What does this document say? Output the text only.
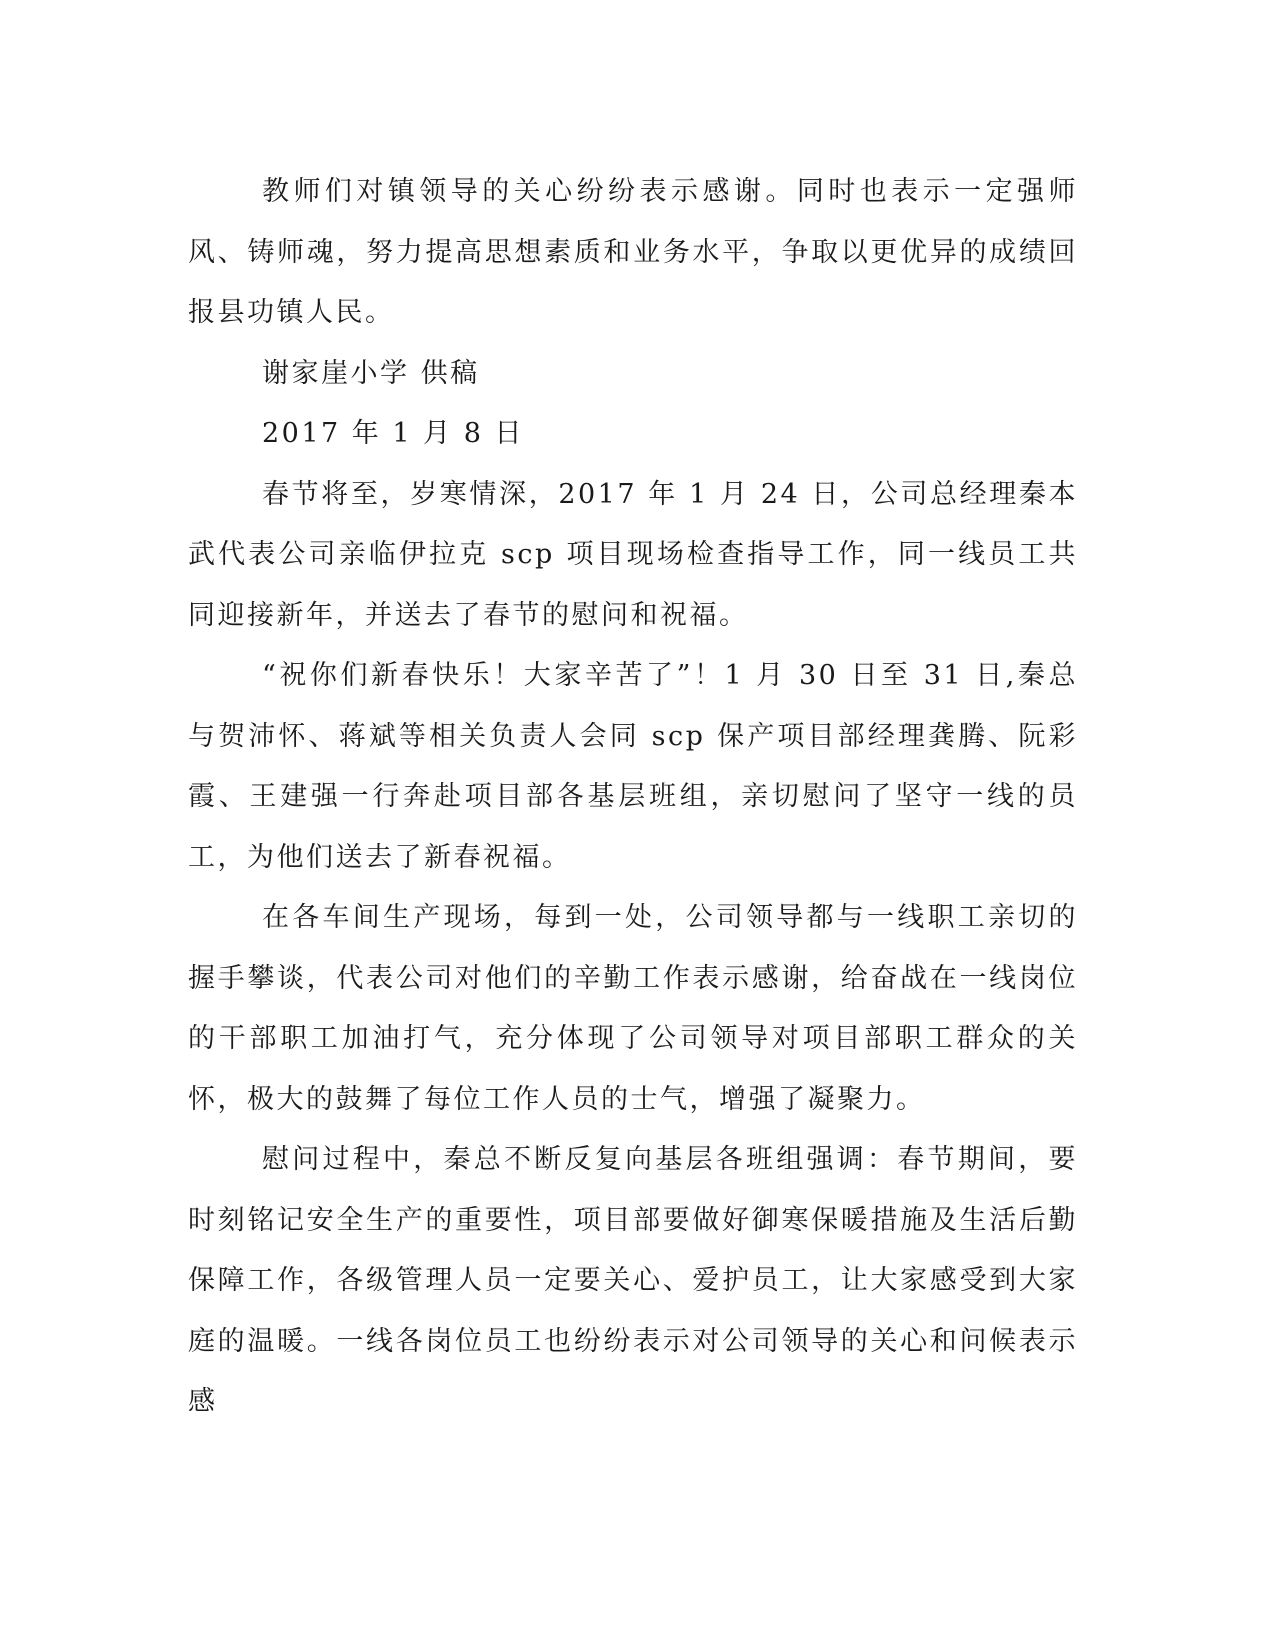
教师们对镇领导的关心纷纷表示感谢。同时也表示一定强师风、铸师魂，努力提高思想素质和业务水平，争取以更优异的成绩回报县功镇人民。

谢家崖小学 供稿

2017 年 1 月 8 日

春节将至，岁寒情深，2017 年 1 月 24 日，公司总经理秦本武代表公司亲临伊拉克 scp 项目现场检查指导工作，同一线员工共同迎接新年，并送去了春节的慰问和祝福。

“祝你们新春快乐！大家辛苦了”！1 月 30 日至 31 日,秦总与贺沛怀、蒋斌等相关负责人会同 scp 保产项目部经理龚腾、阮彩霞、王建强一行奔赴项目部各基层班组，亲切慰问了坚守一线的员工，为他们送去了新春祝福。

在各车间生产现场，每到一处，公司领导都与一线职工亲切的握手攀谈，代表公司对他们的辛勤工作表示感谢，给奋战在一线岗位的干部职工加油打气，充分体现了公司领导对项目部职工群众的关怀，极大的鼓舞了每位工作人员的士气，增强了凝聚力。

慰问过程中，秦总不断反复向基层各班组强调：春节期间，要时刻铭记安全生产的重要性，项目部要做好御寒保暖措施及生活后勤保障工作，各级管理人员一定要关心、爱护员工，让大家感受到大家庭的温暖。一线各岗位员工也纷纷表示对公司领导的关心和问候表示感
